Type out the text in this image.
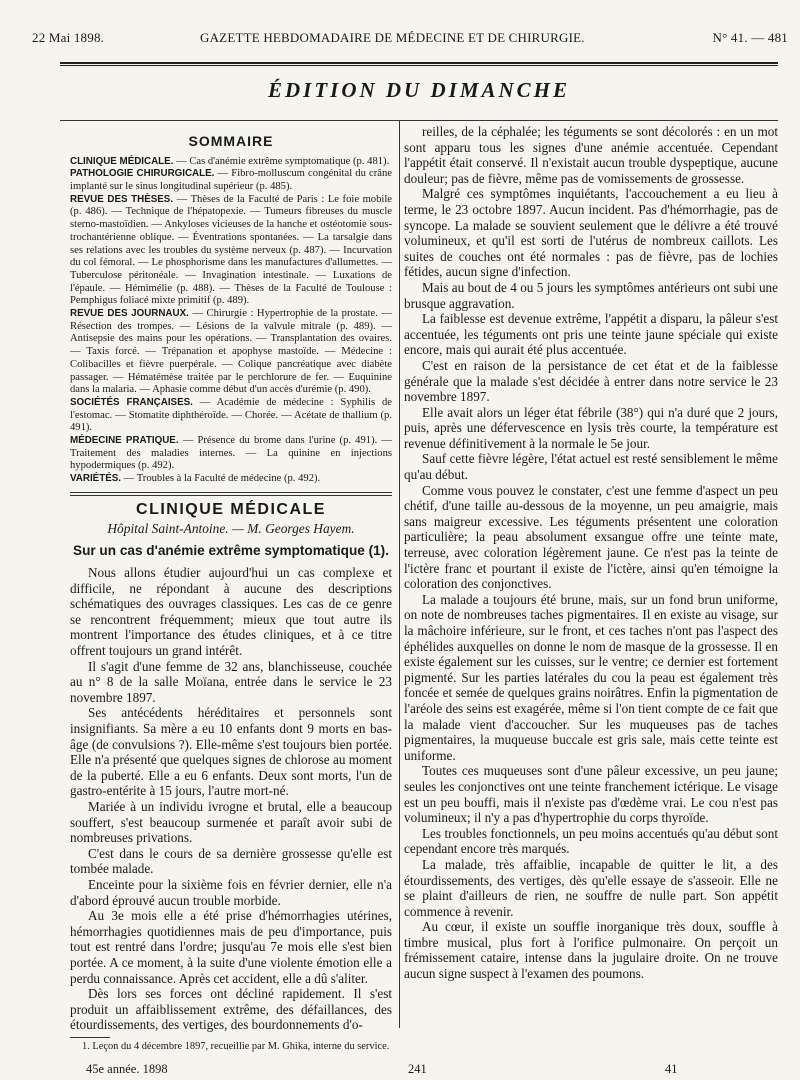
22 Mai 1898.	GAZETTE HEBDOMADAIRE DE MÉDECINE ET DE CHIRURGIE.	N° 41. — 481
ÉDITION DU DIMANCHE
SOMMAIRE

CLINIQUE MÉDICALE. — Cas d'anémie extrême symptomatique (p. 481).

PATHOLOGIE CHIRURGICALE. — Fibro-molluscum congénital du crâne implanté sur le sinus longitudinal supérieur (p. 485).

REVUE DES THÈSES. — Thèses de la Faculté de Paris : Le foie mobile (p. 486). — Technique de l'hépatopexie. — Tumeurs fibreuses du muscle sterno-mastoïdien. — Ankyloses vicieuses de la hanche et ostéotomie sous-trochantérienne oblique. — Éventrations spontanées. — La tarsalgie dans ses relations avec les troubles du système nerveux (p. 487). — Incurvation du col fémoral. — Le phosphorisme dans les manufactures d'allumettes. — Tuberculose péritonéale. — Invagination intestinale. — Luxations de l'épaule. — Hémimélie (p. 488). — Thèses de la Faculté de Toulouse : Pemphigus foliacé mixte primitif (p. 489).

REVUE DES JOURNAUX. — Chirurgie : Hypertrophie de la prostate. — Résection des trompes. — Lésions de la valvule mitrale (p. 489). — Antisepsie des mains pour les opérations. — Transplantation des ovaires. — Taxis forcé. — Trépanation et apophyse mastoïde. — Médecine : Colibacilles et fièvre puerpérale. — Colique pancréatique avec diabète passager. — Hématémèse traitée par le perchlorure de fer. — Euquinine dans la malaria. — Aphasie comme début d'un accès d'urémie (p. 490).

SOCIÉTÉS FRANÇAISES. — Académie de médecine : Syphilis de l'estomac. — Stomatite diphthéroïde. — Chorée. — Acétate de thallium (p. 491).

MÉDECINE PRATIQUE. — Présence du brome dans l'urine (p. 491). — Traitement des maladies internes. — La quinine en injections hypodermiques (p. 492).

VARIÉTÉS. — Troubles à la Faculté de médecine (p. 492).

CLINIQUE MÉDICALE
Hôpital Saint-Antoine. — M. Georges Hayem.
Sur un cas d'anémie extrême symptomatique (1).

Nous allons étudier aujourd'hui un cas complexe et difficile, ne répondant à aucune des descriptions schématiques des ouvrages classiques. Les cas de ce genre se rencontrent fréquemment; mieux que tout autre ils montrent l'importance des études cliniques, et à ce titre offrent toujours un grand intérêt.

Il s'agit d'une femme de 32 ans, blanchisseuse, couchée au n° 8 de la salle Moïana, entrée dans le service le 23 novembre 1897.

Ses antécédents héréditaires et personnels sont insignifiants. Sa mère a eu 10 enfants dont 9 morts en bas-âge (de convulsions ?). Elle-même s'est toujours bien portée. Elle n'a présenté que quelques signes de chlorose au moment de la puberté. Elle a eu 6 enfants. Deux sont morts, l'un de gastro-entérite à 15 jours, l'autre mort-né.

Mariée à un individu ivrogne et brutal, elle a beaucoup souffert, s'est beaucoup surmenée et paraît avoir subi de nombreuses privations.

C'est dans le cours de sa dernière grossesse qu'elle est tombée malade.

Enceinte pour la sixième fois en février dernier, elle n'a d'abord éprouvé aucun trouble morbide.

Au 3e mois elle a été prise d'hémorrhagies utérines, hémorrhagies quotidiennes mais de peu d'importance, puis tout est rentré dans l'ordre; jusqu'au 7e mois elle s'est bien portée. A ce moment, à la suite d'une violente émotion elle a perdu connaissance. Après cet accident, elle a dû s'aliter.

Dès lors ses forces ont décliné rapidement. Il s'est produit un affaiblissement extrême, des défaillances, des étourdissements, des vertiges, des bourdonnements d'o-

1. Leçon du 4 décembre 1897, recueillie par M. Ghika, interne du service.

reilles, de la céphalée; les téguments se sont décolorés : en un mot sont apparu tous les signes d'une anémie accentuée. Cependant l'appétit était conservé. Il n'existait aucun trouble dyspeptique, aucune douleur; pas de fièvre, même pas de vomissements de grossesse.

Malgré ces symptômes inquiétants, l'accouchement a eu lieu à terme, le 23 octobre 1897. Aucun incident. Pas d'hémorrhagie, pas de syncope. La malade se souvient seulement que le délivre a été trouvé volumineux, et qu'il est sorti de l'utérus de nombreux caillots. Les suites de couches ont été normales : pas de fièvre, pas de lochies fétides, aucun signe d'infection.

Mais au bout de 4 ou 5 jours les symptômes antérieurs ont subi une brusque aggravation.

La faiblesse est devenue extrême, l'appétit a disparu, la pâleur s'est accentuée, les téguments ont pris une teinte jaune spéciale qui existe encore, mais qui aurait été plus accentuée.

C'est en raison de la persistance de cet état et de la faiblesse générale que la malade s'est décidée à entrer dans notre service le 23 novembre 1897.

Elle avait alors un léger état fébrile (38°) qui n'a duré que 2 jours, puis, après une défervescence en lysis très courte, la température est revenue définitivement à la normale le 5e jour.

Sauf cette fièvre légère, l'état actuel est resté sensiblement le même qu'au début.

Comme vous pouvez le constater, c'est une femme d'aspect un peu chétif, d'une taille au-dessous de la moyenne, un peu amaigrie, mais sans maigreur excessive. Les téguments présentent une coloration particulière; la peau absolument exsangue offre une teinte mate, terreuse, avec coloration légèrement jaune. Ce n'est pas la teinte de l'ictère franc et pourtant il existe de l'ictère, ainsi qu'en témoigne la coloration des conjonctives.

La malade a toujours été brune, mais, sur un fond brun uniforme, on note de nombreuses taches pigmentaires. Il en existe au visage, sur la mâchoire inférieure, sur le front, et ces taches n'ont pas l'aspect des éphélides auxquelles on donne le nom de masque de la grossesse. Il en existe également sur les cuisses, sur le ventre; ce dernier est fortement pigmenté. Sur les parties latérales du cou la peau est également très foncée et semée de quelques grains noirâtres. Enfin la pigmentation de l'aréole des seins est exagérée, même si l'on tient compte de ce fait que la malade vient d'accoucher. Sur les muqueuses pas de taches pigmentaires, la muqueuse buccale est gris sale, mais cette teinte est uniforme.

Toutes ces muqueuses sont d'une pâleur excessive, un peu jaune; seules les conjonctives ont une teinte franchement ictérique. Le visage est un peu bouffi, mais il n'existe pas d'œdème vrai. Le cou n'est pas volumineux; il n'y a pas d'hypertrophie du corps thyroïde.

Les troubles fonctionnels, un peu moins accentués qu'au début sont cependant encore très marqués.

La malade, très affaiblie, incapable de quitter le lit, a des étourdissements, des vertiges, dès qu'elle essaye de s'asseoir. Elle ne se plaint d'ailleurs de rien, ne souffre de nulle part. Son appétit commence à revenir.

Au cœur, il existe un souffle inorganique très doux, souffle à timbre musical, plus fort à l'orifice pulmonaire. On perçoit un frémissement cataire, intense dans la jugulaire droite. On ne trouve aucun signe suspect à l'examen des poumons.

45e année. 1898	241	41
